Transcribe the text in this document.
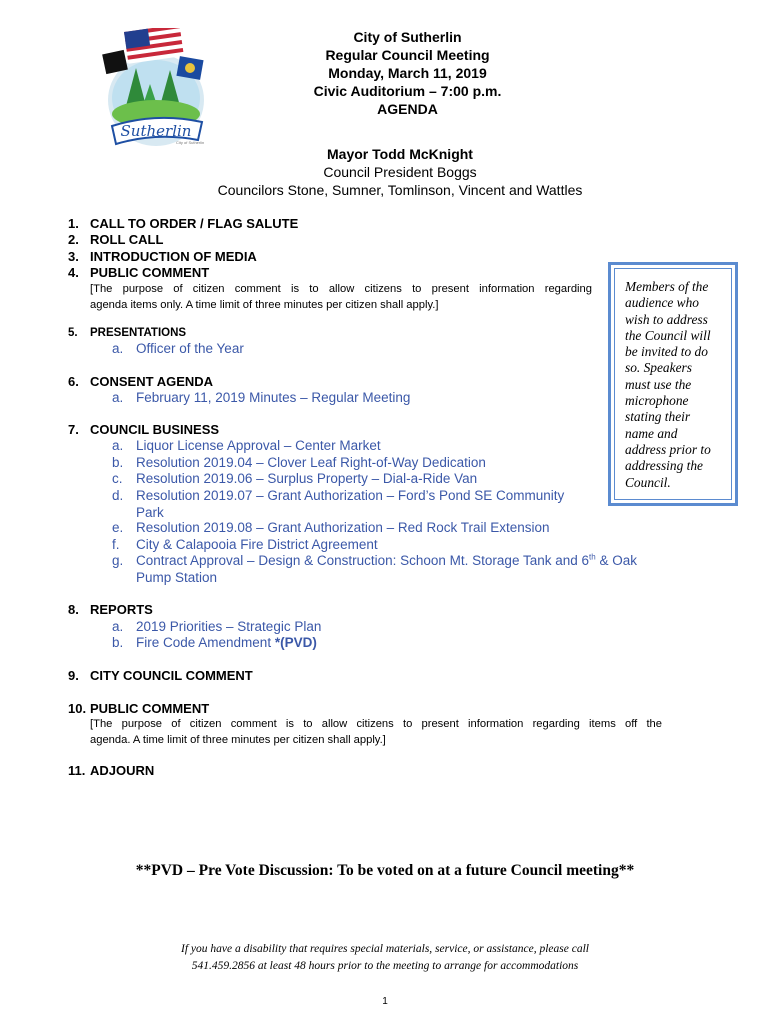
Sutherlin
City of Sutherlin
City of Sutherlin
Regular Council Meeting
Monday, March 11, 2019
Civic Auditorium – 7:00 p.m.
AGENDA
Mayor Todd McKnight
Council President Boggs
Councilors Stone, Sumner, Tomlinson, Vincent and Wattles
1. CALL TO ORDER / FLAG SALUTE
2. ROLL CALL
3. INTRODUCTION OF MEDIA
4. PUBLIC COMMENT
[The purpose of citizen comment is to allow citizens to present information regarding
agenda items only. A time limit of three minutes per citizen shall apply.]
5. PRESENTATIONS
a. Officer of the Year
6. CONSENT AGENDA
a. February 11, 2019 Minutes – Regular Meeting
7. COUNCIL BUSINESS
a. Liquor License Approval – Center Market
b. Resolution 2019.04 – Clover Leaf Right-of-Way Dedication
c. Resolution 2019.06 – Surplus Property – Dial-a-Ride Van
d. Resolution 2019.07 – Grant Authorization – Ford’s Pond SE Community
Park
e. Resolution 2019.08 – Grant Authorization – Red Rock Trail Extension
f. City & Calapooia Fire District Agreement
g. Contract Approval – Design & Construction: Schoon Mt. Storage Tank and 6th & Oak
Pump Station
8. REPORTS
a. 2019 Priorities – Strategic Plan
b. Fire Code Amendment *(PVD)
9. CITY COUNCIL COMMENT
10. PUBLIC COMMENT
[The purpose of citizen comment is to allow citizens to present information regarding items off the
agenda. A time limit of three minutes per citizen shall apply.]
11. ADJOURN
Members of the
audience who
wish to address
the Council will
be invited to do
so. Speakers
must use the
microphone
stating their
name and
address prior to
addressing the
Council.
**PVD – Pre Vote Discussion: To be voted on at a future Council meeting**
If you have a disability that requires special materials, service, or assistance, please call
541.459.2856 at least 48 hours prior to the meeting to arrange for accommodations
1
